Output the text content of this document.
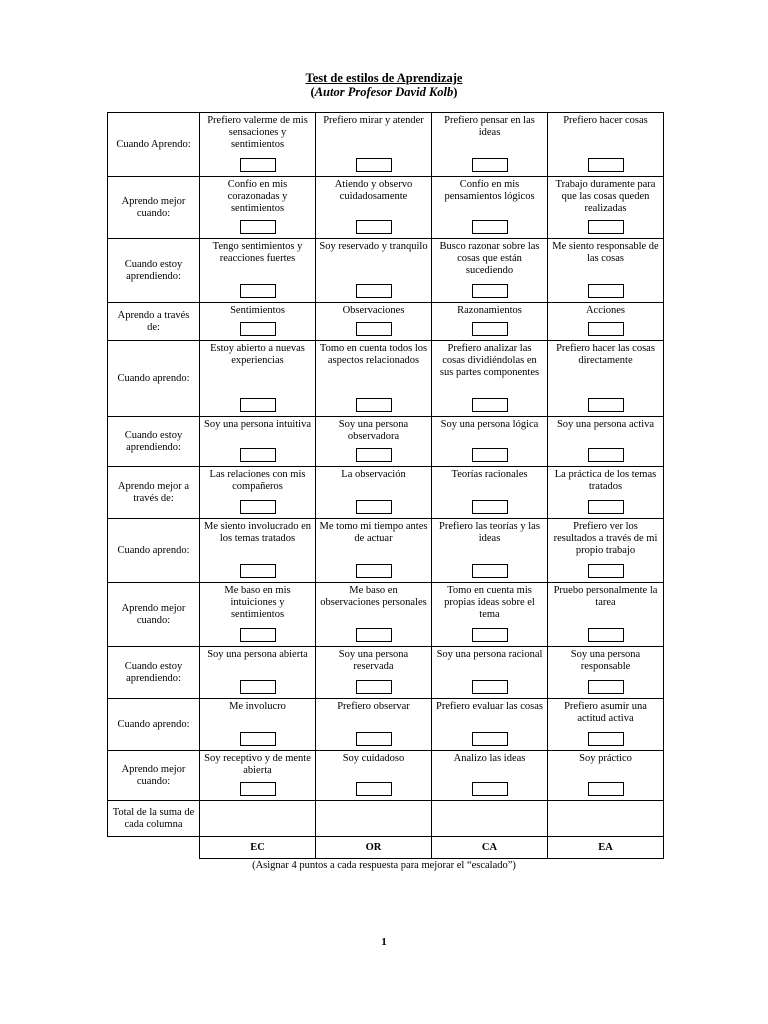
Test de estilos de Aprendizaje
(Autor Profesor David Kolb)
Cuando Aprendo:	Prefiero valerme de mis sensaciones y sentimientos	Prefiero mirar y atender	Prefiero pensar en las ideas	Prefiero hacer cosas

Aprendo mejor cuando:	Confío en mis corazonadas y sentimientos	Atiendo y observo cuidadosamente	Confío en mis pensamientos lógicos	Trabajo duramente para que las cosas queden realizadas

Cuando estoy aprendiendo:	Tengo sentimientos y reacciones fuertes	Soy reservado y tranquilo	Busco razonar sobre las cosas que están sucediendo	Me siento responsable de las cosas

Aprendo a través de:	Sentimientos	Observaciones	Razonamientos	Acciones

Cuando aprendo:	Estoy abierto a nuevas experiencias	Tomo en cuenta todos los aspectos relacionados	Prefiero analizar las cosas dividiéndolas en sus partes componentes	Prefiero hacer las cosas directamente

Cuando estoy aprendiendo:	Soy una persona intuitiva	Soy una persona observadora	Soy una persona lógica	Soy una persona activa

Aprendo mejor a través de:	Las relaciones con mis compañeros	La observación	Teorías racionales	La práctica de los temas tratados

Cuando aprendo:	Me siento involucrado en los temas tratados	Me tomo mi tiempo antes de actuar	Prefiero las teorías y las ideas	Prefiero ver los resultados a través de mi propio trabajo

Aprendo mejor cuando:	Me baso en mis intuiciones y sentimientos	Me baso en observaciones personales	Tomo en cuenta mis propias ideas sobre el tema	Pruebo personalmente la tarea

Cuando estoy aprendiendo:	Soy una persona abierta	Soy una persona reservada	Soy una persona racional	Soy una persona responsable

Cuando aprendo:	Me involucro	Prefiero observar	Prefiero evaluar las cosas	Prefiero asumir una actitud activa

Aprendo mejor cuando:	Soy receptivo y de mente abierta	Soy cuidadoso	Analizo las ideas	Soy práctico

Total de la suma de cada columna				
	EC	OR	CA	EA
(Asignar 4 puntos a cada respuesta para mejorar el “escalado”)
1
